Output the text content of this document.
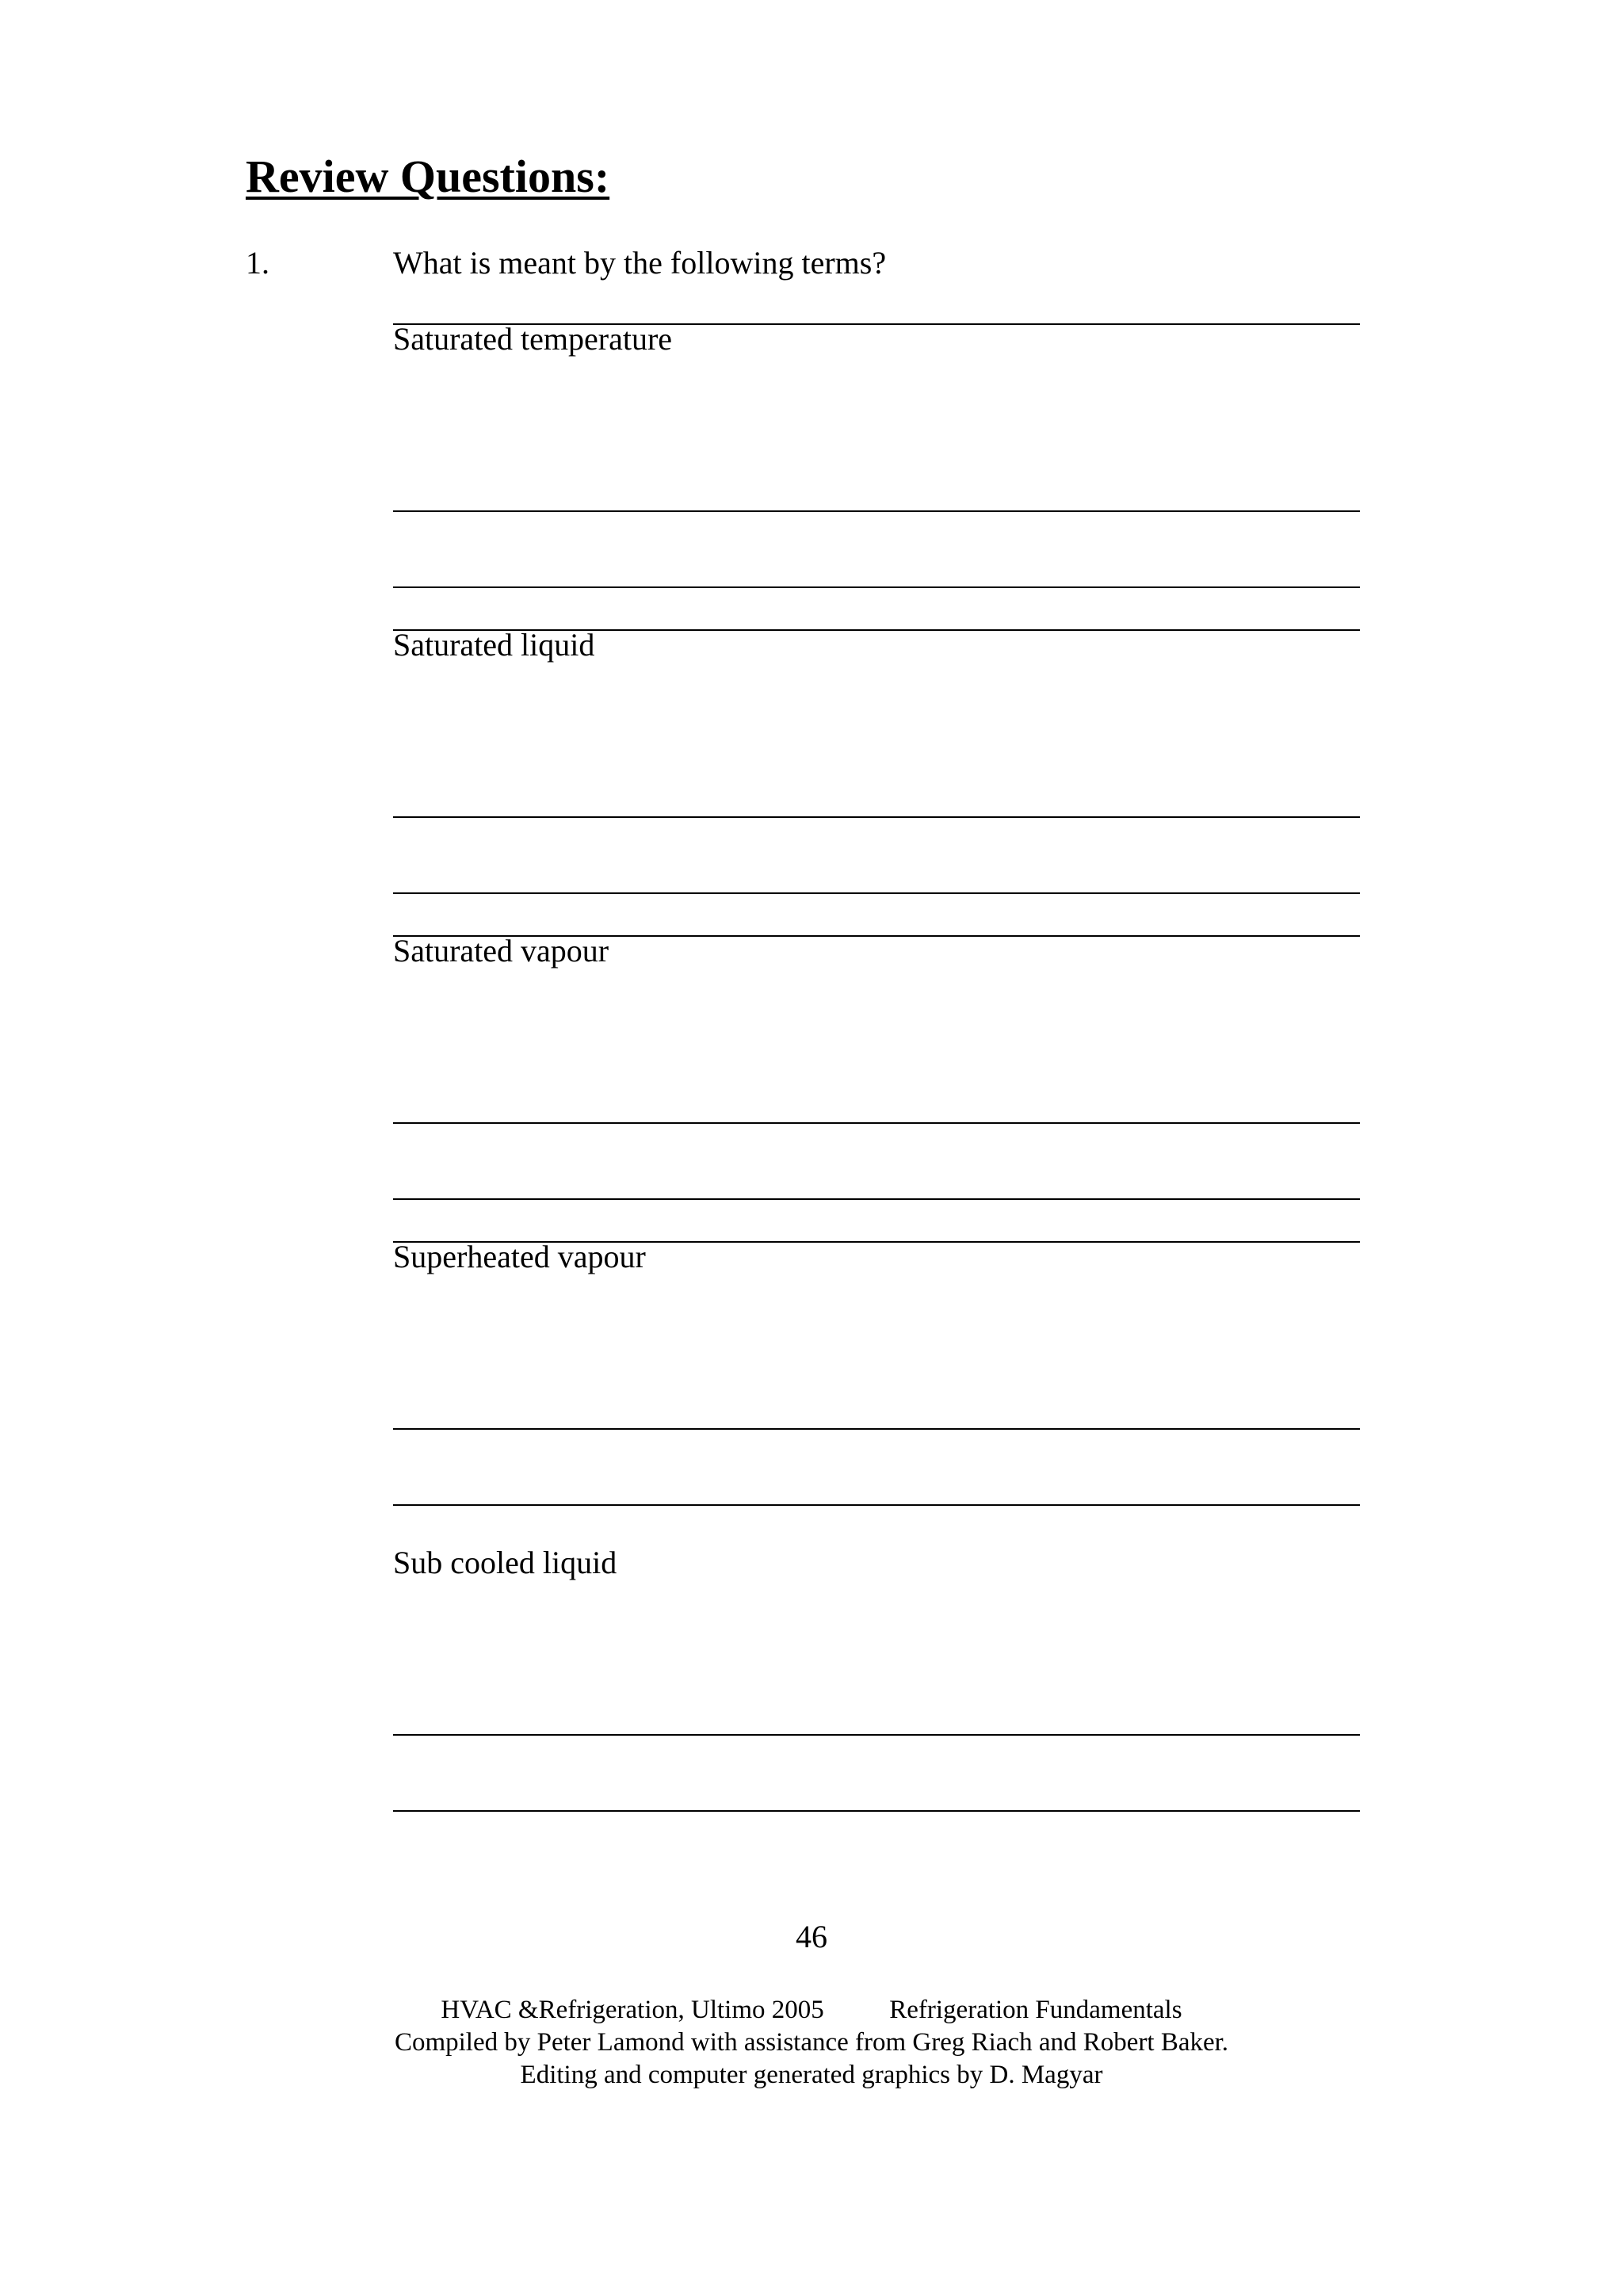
Review Questions:
1.	What is meant by the following terms?
Saturated temperature
Saturated liquid
Saturated vapour
Superheated vapour
Sub cooled liquid
46
HVAC &Refrigeration, Ultimo 2005          Refrigeration Fundamentals
Compiled by Peter Lamond with assistance from Greg Riach and Robert Baker.
Editing and computer generated graphics by D. Magyar
